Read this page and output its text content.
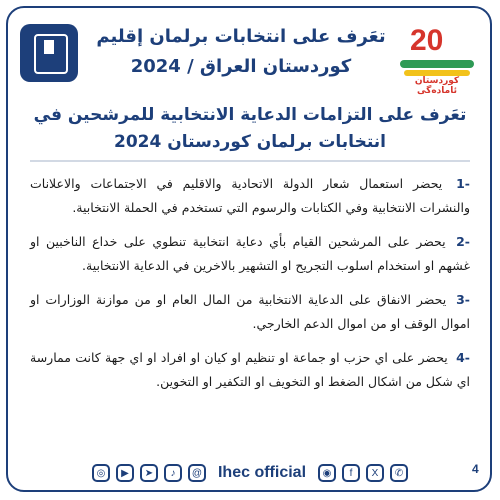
تعَرف على انتخابات برلمان إقليم
كوردستان العراق / 2024
20
كوردستان ئامادەگی
تعَرف على التزامات الدعاية الانتخابية للمرشحين في
انتخابات برلمان كوردستان 2024
-1 يحضر استعمال شعار الدولة الاتحادية والاقليم في الاجتماعات والاعلانات والنشرات الانتخابية وفي الكتابات والرسوم التي تستخدم في الحملة الانتخابية.
-2 يحضر على المرشحين القيام بأي دعاية انتخابية تنطوي على خداع الناخبين او غشهم او استخدام اسلوب التجريح او التشهير بالاخرين في الدعاية الانتخابية.
-3 يحضر الانفاق على الدعاية الانتخابية من المال العام او من موازنة الوزارات او اموال الوقف او من اموال الدعم الخارجي.
-4 يحضر على اي حزب او جماعة او تنظيم او كيان او افراد او اي جهة كانت ممارسة اي شكل من اشكال الضغط او التخويف او التكفير او التخوين.
◎	▶	➤	♪	@ Ihec official	◉	f	X	✆	4
